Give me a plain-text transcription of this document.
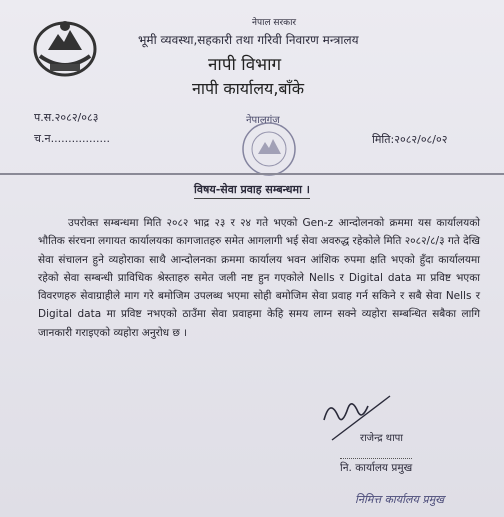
नेपाल सरकार
भूमी व्यवस्था,सहकारी तथा गरिवी निवारण मन्त्रालय
नापी विभाग
नापी कार्यालय,बाँके
प.स.२०८२/०८३
च.न.................
नेपालगंज
मिति:२०८२/०८/०२
विषय-सेवा प्रवाह सम्बन्धमा ।
उपरोक्त सम्बन्धमा मिति २०८२ भाद्र २३ र २४ गते भएको Gen-z आन्दोलनको क्रममा यस कार्यालयको भौतिक संरचना लगायत कार्यालयका कागजातहरु समेत आगलागी भई सेवा अवरुद्ध रहेकोले मिति २०८२/८/३ गते देखि सेवा संचालन हुने व्यहोराका साथै आन्दोलनका क्रममा कार्यालय भवन आंशिक रुपमा क्षति भएको हुँदा कार्यालयमा रहेको सेवा सम्बन्धी प्राविधिक श्रेस्ताहरु समेत जली नष्ट हुन गएकोले Nells र Digital data मा प्रविष्ट भएका विवरणहरु सेवाग्राहीले माग गरे बमोजिम उपलब्ध भएमा सोही बमोजिम सेवा प्रवाह गर्न सकिने र सबै सेवा Nells र Digital data मा प्रविष्ट नभएको ठाउँमा सेवा प्रवाहमा केहि समय लाग्न सक्ने व्यहोरा सम्बन्धित सबैका लागि जानकारी गराइएको व्यहोरा अनुरोध छ ।
राजेन्द्र थापा
नि. कार्यालय प्रमुख
निमित्त कार्यालय प्रमुख
